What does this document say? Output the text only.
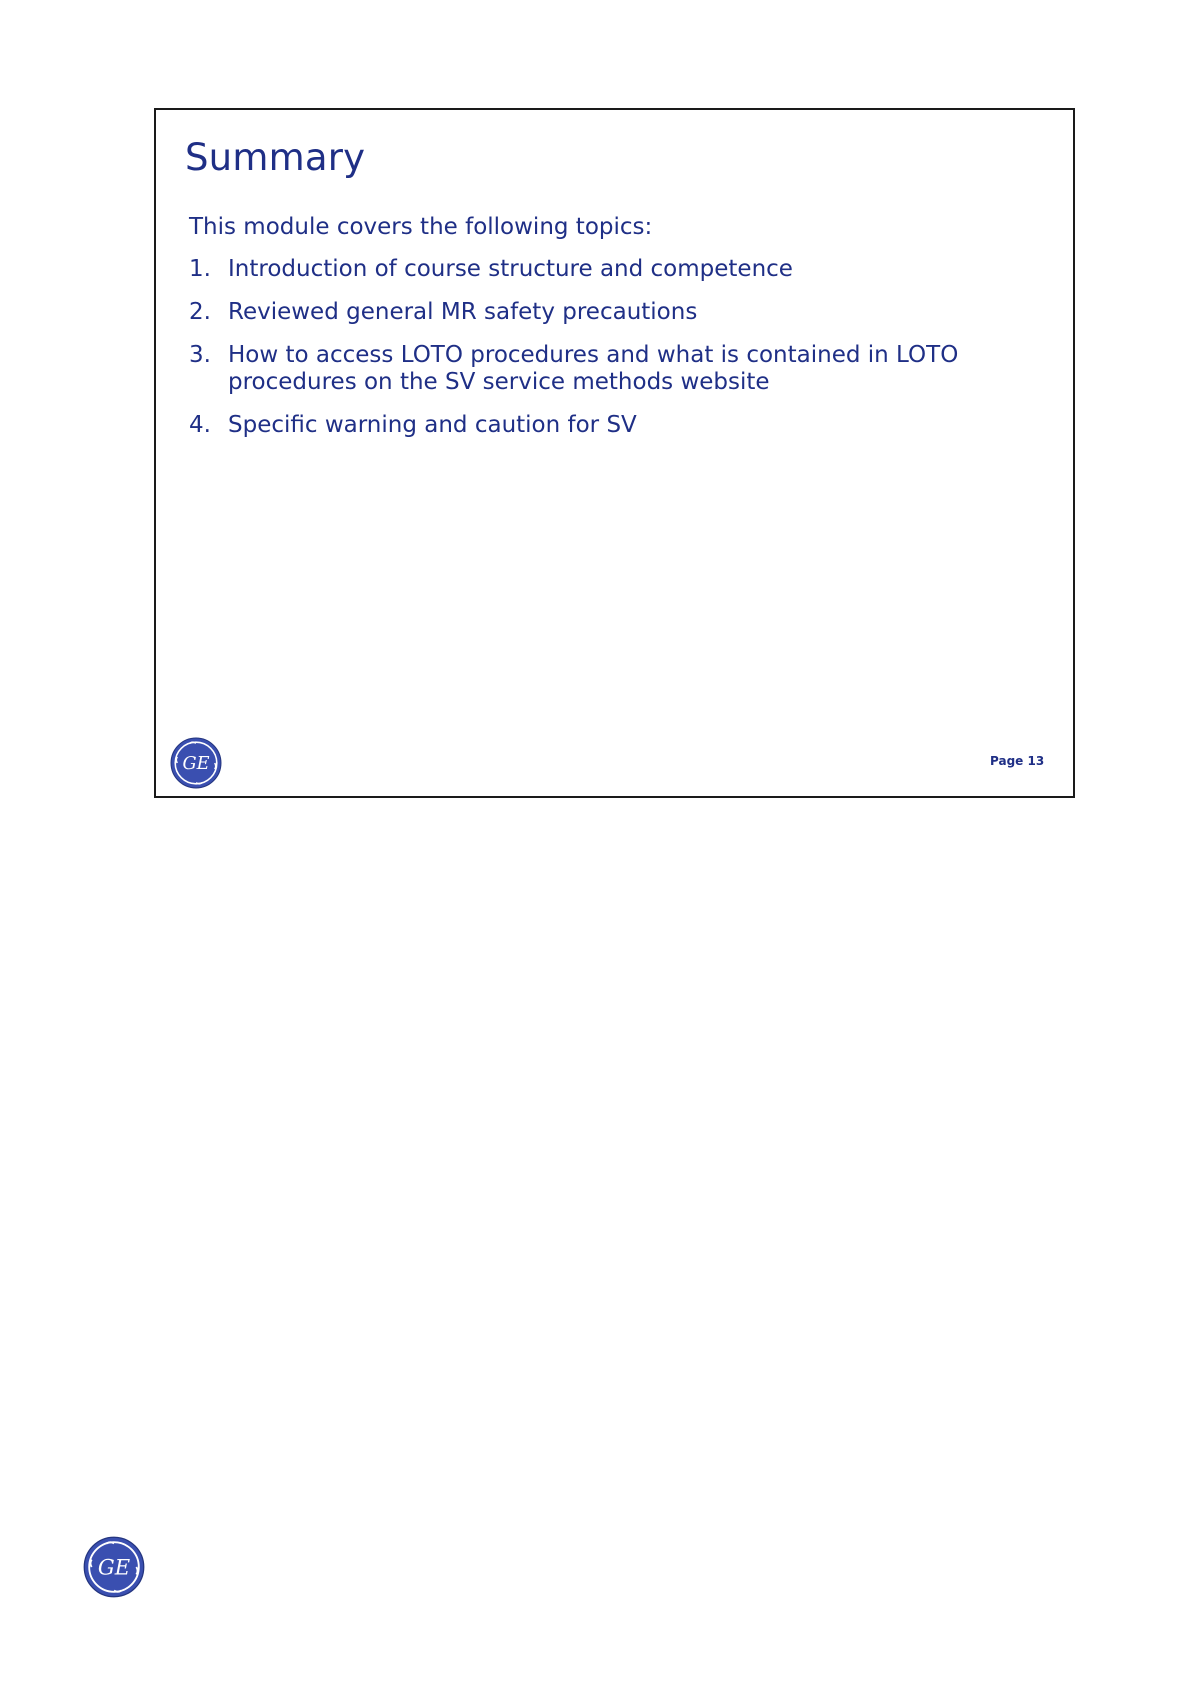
Summary

This module covers the following topics:

1. Introduction of course structure and competence
2. Reviewed general MR safety precautions
3. How to access LOTO procedures and what is contained in LOTO procedures on the SV service methods website
4. Specific warning and caution for SV
GE	Page 13
GE
